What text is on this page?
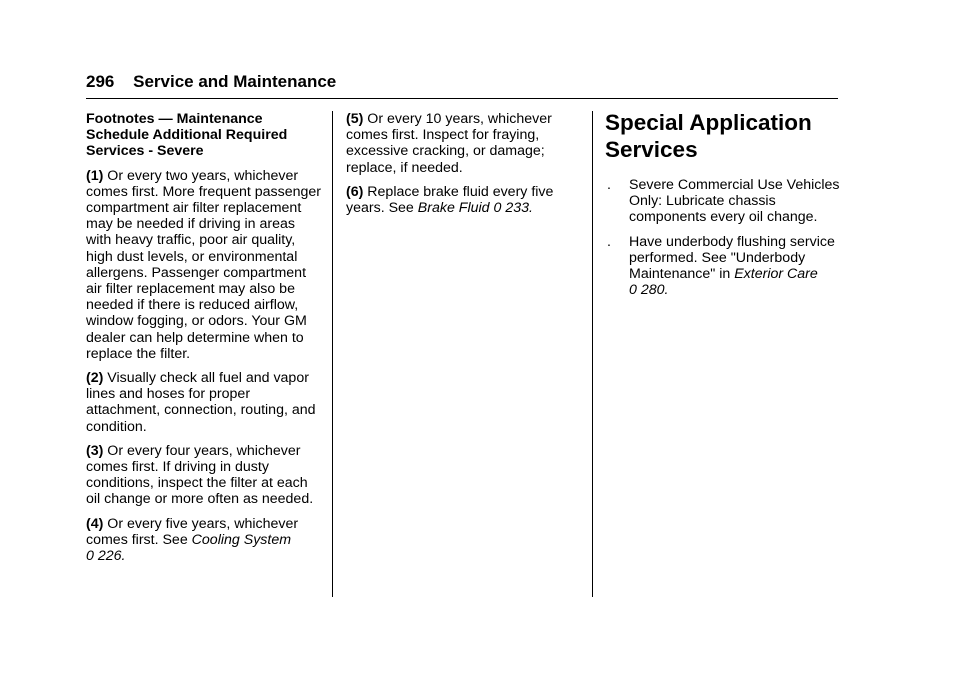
296 Service and Maintenance
Footnotes — Maintenance Schedule Additional Required Services - Severe

(1) Or every two years, whichever comes first. More frequent passenger compartment air filter replacement may be needed if driving in areas with heavy traffic, poor air quality, high dust levels, or environmental allergens. Passenger compartment air filter replacement may also be needed if there is reduced airflow, window fogging, or odors. Your GM dealer can help determine when to replace the filter.

(2) Visually check all fuel and vapor lines and hoses for proper attachment, connection, routing, and condition.

(3) Or every four years, whichever comes first. If driving in dusty conditions, inspect the filter at each oil change or more often as needed.

(4) Or every five years, whichever comes first. See Cooling System 0 226.

(5) Or every 10 years, whichever comes first. Inspect for fraying, excessive cracking, or damage; replace, if needed.

(6) Replace brake fluid every five years. See Brake Fluid 0 233.

Special Application Services
. Severe Commercial Use Vehicles Only: Lubricate chassis components every oil change.
. Have underbody flushing service performed. See "Underbody Maintenance" in Exterior Care 0 280.
